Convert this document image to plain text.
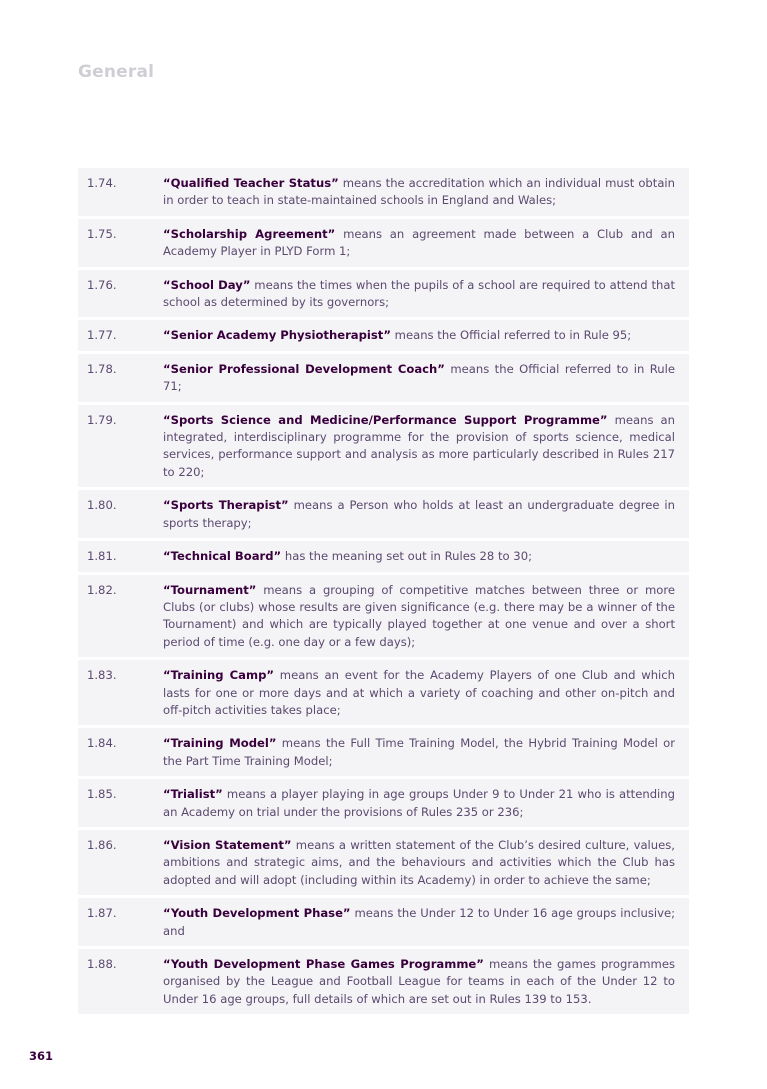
General
1.74.	“Qualified Teacher Status” means the accreditation which an individual must obtain in order to teach in state-maintained schools in England and Wales;
1.75.	“Scholarship Agreement” means an agreement made between a Club and an Academy Player in PLYD Form 1;
1.76.	“School Day” means the times when the pupils of a school are required to attend that school as determined by its governors;
1.77.	“Senior Academy Physiotherapist” means the Official referred to in Rule 95;
1.78.	“Senior Professional Development Coach” means the Official referred to in Rule 71;
1.79.	“Sports Science and Medicine/Performance Support Programme” means an integrated, interdisciplinary programme for the provision of sports science, medical services, performance support and analysis as more particularly described in Rules 217 to 220;
1.80.	“Sports Therapist” means a Person who holds at least an undergraduate degree in sports therapy;
1.81.	“Technical Board” has the meaning set out in Rules 28 to 30;
1.82.	“Tournament” means a grouping of competitive matches between three or more Clubs (or clubs) whose results are given significance (e.g. there may be a winner of the Tournament) and which are typically played together at one venue and over a short period of time (e.g. one day or a few days);
1.83.	“Training Camp” means an event for the Academy Players of one Club and which lasts for one or more days and at which a variety of coaching and other on-pitch and off-pitch activities takes place;
1.84.	“Training Model” means the Full Time Training Model, the Hybrid Training Model or the Part Time Training Model;
1.85.	“Trialist” means a player playing in age groups Under 9 to Under 21 who is attending an Academy on trial under the provisions of Rules 235 or 236;
1.86.	“Vision Statement” means a written statement of the Club’s desired culture, values, ambitions and strategic aims, and the behaviours and activities which the Club has adopted and will adopt (including within its Academy) in order to achieve the same;
1.87.	“Youth Development Phase” means the Under 12 to Under 16 age groups inclusive; and
1.88.	“Youth Development Phase Games Programme” means the games programmes organised by the League and Football League for teams in each of the Under 12 to Under 16 age groups, full details of which are set out in Rules 139 to 153.
361
